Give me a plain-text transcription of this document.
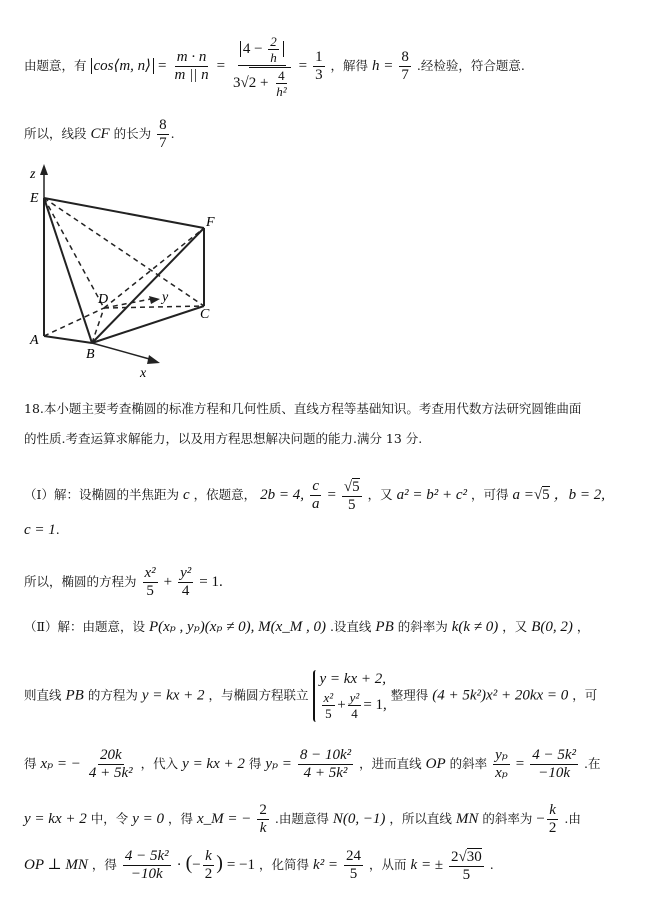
由题意，有 cos⟨m, n⟩ = $\frac{m \cdot n}{m || n} = \frac{4 - \frac{2}{h}}{3√2 + \frac{4}{\text{h²}}} = \frac{1}{3}$ ，解得 $h = \frac{8}{7}$ .经检验，符合题意.
所以，线段 CF 的长为 $\frac{8}{7}$ .
z
E
F
D	y
C
A
B
x
18.本小题主要考查椭圆的标准方程和几何性质、直线方程等基础知识。考查用代数方法研究圆锥曲面
的性质.考查运算求解能力，以及用方程思想解决问题的能力.满分 13 分.
（Ⅰ）解：设椭圆的半焦距为 c ，依题意， 2b = 4, $\frac{c}{a} = \frac{√5}{5}$ ，又 a² = b² + c² ，可得 a =√5 ，b = 2,
c = 1.
所以，椭圆的方程为 $\frac{\text{x²}}{5} + \frac{\text{y²}}{4} = 1$.
（Ⅱ）解：由题意，设 P(xₚ , yₚ)(xₚ ≠ 0), M(x_M , 0) .设直线 PB 的斜率为 k(k ≠ 0) ，又 B(0, 2) ，
则直线 PB 的方程为 y = kx + 2 ，与椭圆方程联立
y = kx + 2,
$\frac{\text{x²}}{5} + \frac{\text{y²}}{4} = 1$,
整理得 (4 + 5k²)x² + 20kx = 0 ，可
得 xₚ = − $\frac{20k}{\text{4 + 5k²}}$ ，代入 y = kx + 2 得 $y_p = \frac{\text{8 − 10k²}}{\text{4 + 5k²}}$ ，进而直线 OP 的斜率 $\frac{\text{yₚ}}{\text{xₚ}} = \frac{\text{4 − 5k²}}{-10k}$ .在
y = kx + 2 中，令 y = 0 ，得 x_M = − $\frac{2}{k}$ .由题意得 N(0, −1) ，所以直线 MN 的斜率为 − $\frac{k}{2}$ .由
OP ⊥ MN ，得 $\frac{\text{4 − 5k²}}{-10k}$ · (− $\frac{k}{2}$ ) = −1 ，化简得 $k^2 = \frac{24}{5}$ ，从而 k = ± $\frac{2√30}{5}$ .
